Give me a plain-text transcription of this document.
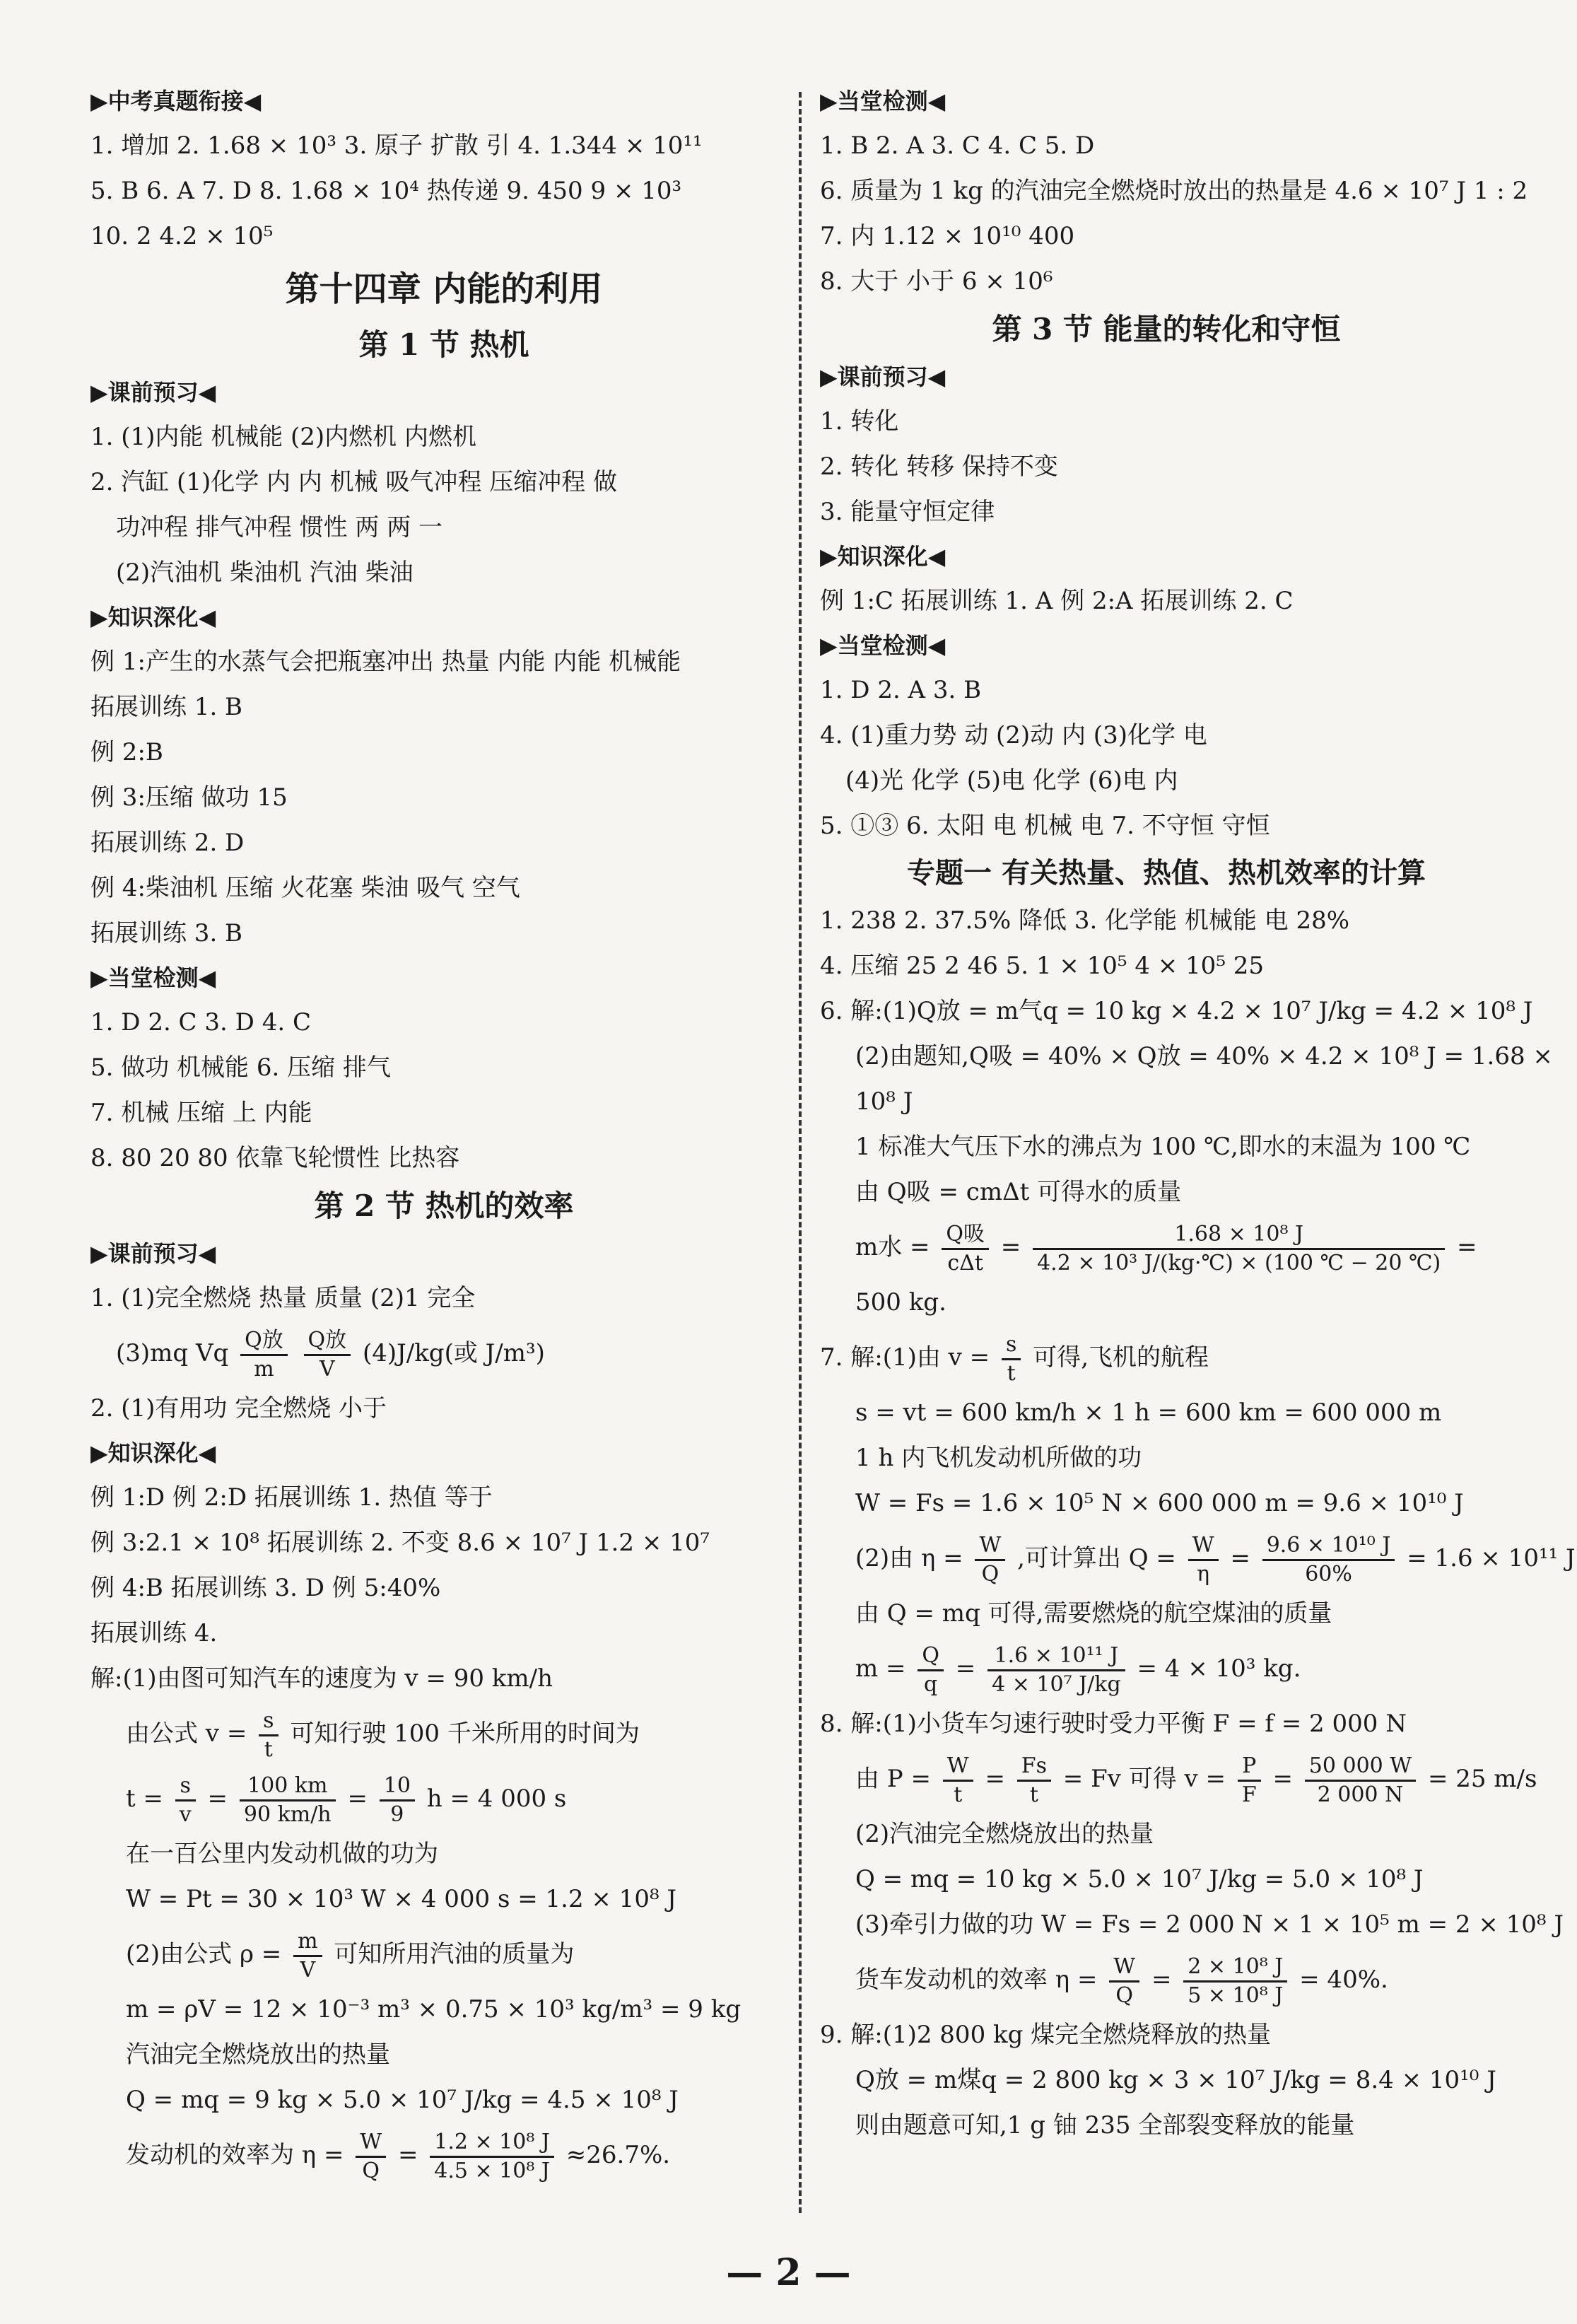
▶中考真题衔接◀
1. 增加 2. 1.68 × 10³ 3. 原子 扩散 引 4. 1.344 × 10¹¹
5. B 6. A 7. D 8. 1.68 × 10⁴ 热传递 9. 450 9 × 10³
10. 2 4.2 × 10⁵
第十四章 内能的利用
第 1 节 热机
▶课前预习◀
1. (1)内能 机械能 (2)内燃机 内燃机
2. 汽缸 (1)化学 内 内 机械 吸气冲程 压缩冲程 做
功冲程 排气冲程 惯性 两 两 一
(2)汽油机 柴油机 汽油 柴油
▶知识深化◀
例 1:产生的水蒸气会把瓶塞冲出 热量 内能 内能 机械能
拓展训练 1. B
例 2:B
例 3:压缩 做功 15
拓展训练 2. D
例 4:柴油机 压缩 火花塞 柴油 吸气 空气
拓展训练 3. B
▶当堂检测◀
1. D 2. C 3. D 4. C
5. 做功 机械能 6. 压缩 排气
7. 机械 压缩 上 内能
8. 80 20 80 依靠飞轮惯性 比热容
第 2 节 热机的效率
▶课前预习◀
1. (1)完全燃烧 热量 质量 (2)1 完全
(3)mq Vq $\frac{\text{Q放}}{m}$
$\frac{\text{Q放}}{V} (4)J/kg$(或 J/m³)
2. (1)有用功 完全燃烧 小于
▶知识深化◀
例 1:D 例 2:D 拓展训练 1. 热值 等于
例 3:2.1 × 10⁸ 拓展训练 2. 不变 8.6 × 10⁷ J 1.2 × 10⁷
例 4:B 拓展训练 3. D 例 5:40%
拓展训练 4.
解:(1)由图可知汽车的速度为 v = 90 km/h
由公式 $v = \frac{s}{t}$ 可知行驶 100 千米所用的时间为
$t = \frac{s}{v} = \frac{100 km}{90 km/h} = \frac{10}{9}$ h = 4 000 s
在一百公里内发动机做的功为
W = Pt = 30 × 10³ W × 4 000 s = 1.2 × 10⁸ J
(2)由公式 $\rho = \frac{m}{V}$ 可知所用汽油的质量为
m = ρV = 12 × 10⁻³ m³ × 0.75 × 10³ kg/m³ = 9 kg
汽油完全燃烧放出的热量
Q = mq = 9 kg × 5.0 × 10⁷ J/kg = 4.5 × 10⁸ J
发动机的效率为 $\eta = \frac{W}{Q} = \frac{\text{1.2 × 10⁸ J}}{\text{4.5 × 10⁸ J}} \approx 26.7\%$.
▶当堂检测◀
1. B 2. A 3. C 4. C 5. D
6. 质量为 1 kg 的汽油完全燃烧时放出的热量是 4.6 × 10⁷ J 1 : 2
7. 内 1.12 × 10¹⁰ 400
8. 大于 小于 6 × 10⁶
第 3 节 能量的转化和守恒
▶课前预习◀
1. 转化
2. 转化 转移 保持不变
3. 能量守恒定律
▶知识深化◀
例 1:C 拓展训练 1. A 例 2:A 拓展训练 2. C
▶当堂检测◀
1. D 2. A 3. B
4. (1)重力势 动 (2)动 内 (3)化学 电
(4)光 化学 (5)电 化学 (6)电 内
5. ①③ 6. 太阳 电 机械 电 7. 不守恒 守恒
专题一 有关热量、热值、热机效率的计算
1. 238 2. 37.5% 降低 3. 化学能 机械能 电 28%
4. 压缩 25 2 46 5. 1 × 10⁵ 4 × 10⁵ 25
6. 解:(1)Q放 = m气q = 10 kg × 4.2 × 10⁷ J/kg = 4.2 × 10⁸ J
(2)由题知,Q吸 = 40% × Q放 = 40% × 4.2 × 10⁸ J = 1.68 ×
10⁸ J
1 标准大气压下水的沸点为 100 ℃,即水的末温为 100 ℃
由 Q吸 = cmΔt 可得水的质量
m水 = $\frac{\text{Q吸}}{\text{cΔt}} = \frac{\text{1.68 × 10⁸ J}}{\text{4.2 × 10³ J/(kg·℃) × (100 ℃ − 20 ℃)}}$ =
500 kg.
7. 解:(1)由 $v = \frac{s}{t}$ 可得,飞机的航程
s = vt = 600 km/h × 1 h = 600 km = 600 000 m
1 h 内飞机发动机所做的功
W = Fs = 1.6 × 10⁵ N × 600 000 m = 9.6 × 10¹⁰ J
(2)由 $\eta = \frac{W}{Q}$ ,可计算出 $Q = \frac{W}{\eta} = \frac{\text{9.6 × 10¹⁰ J}}{60\%} = 1.6 \times 10^{11}$ J
由 Q = mq 可得,需要燃烧的航空煤油的质量
$m = \frac{Q}{q} = \frac{\text{1.6 × 10¹¹ J}}{\text{4 × 10⁷ J/kg}} = 4 \times 10^3$ kg.
8. 解:(1)小货车匀速行驶时受力平衡 F = f = 2 000 N
由 $P = \frac{W}{t} = \frac{Fs}{t} = Fv$ 可得 $v = \frac{P}{F} = \frac{50 000 W}{2 000 N} = 25$ m/s
(2)汽油完全燃烧放出的热量
Q = mq = 10 kg × 5.0 × 10⁷ J/kg = 5.0 × 10⁸ J
(3)牵引力做的功 W = Fs = 2 000 N × 1 × 10⁵ m = 2 × 10⁸ J
货车发动机的效率 $\eta = \frac{W}{Q} = \frac{\text{2 × 10⁸ J}}{\text{5 × 10⁸ J}} = 40\%$.
9. 解:(1)2 800 kg 煤完全燃烧释放的热量
Q放 = m煤q = 2 800 kg × 3 × 10⁷ J/kg = 8.4 × 10¹⁰ J
则由题意可知,1 g 铀 235 全部裂变释放的能量
— 2 —
